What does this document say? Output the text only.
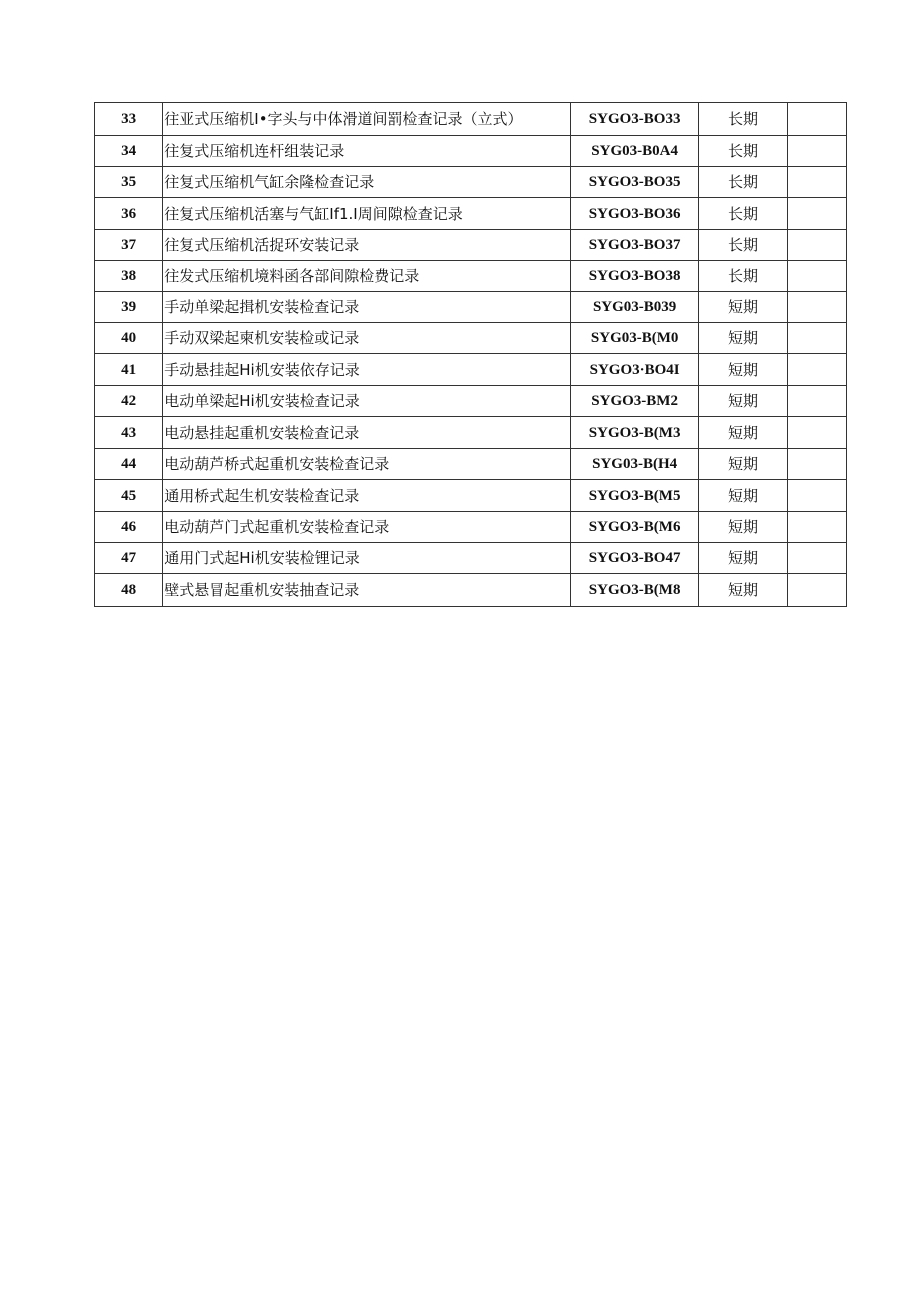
33	往亚式压缩机I•字头与中体滑道间罰检查记录（立式）	SYGO3-BO33	长期	
34	往复式压缩机连杆组装记录	SYG03-B0A4	长期	
35	往复式压缩机气缸余隆检查记录	SYGO3-BO35	长期	
36	往复式压缩机活塞与气缸If1.I周间隙检查记录	SYGO3-BO36	长期	
37	往复式压缩机活捉环安装记录	SYGO3-BO37	长期	
38	往发式压缩机境料函各部间隙检费记录	SYGO3-BO38	长期	
39	手动单梁起揖机安装检查记录	SYG03-B039	短期	
40	手动双梁起柬机安装检或记录	SYG03-B(M0	短期	
41	手动悬挂起Hi机安装依存记录	SYGO3·BO4I	短期	
42	电动单梁起Hi机安装检查记录	SYGO3-BM2	短期	
43	电动悬挂起重机安装检查记录	SYGO3-B(M3	短期	
44	电动葫芦桥式起重机安装检查记录	SYG03-B(H4	短期	
45	通用桥式起生机安装检查记录	SYGO3-B(M5	短期	
46	电动葫芦门式起重机安装检查记录	SYGO3-B(M6	短期	
47	通用门式起Hi机安装检锂记录	SYGO3-BO47	短期	
48	壁式悬冒起重机安装抽查记录	SYGO3-B(M8	短期	
